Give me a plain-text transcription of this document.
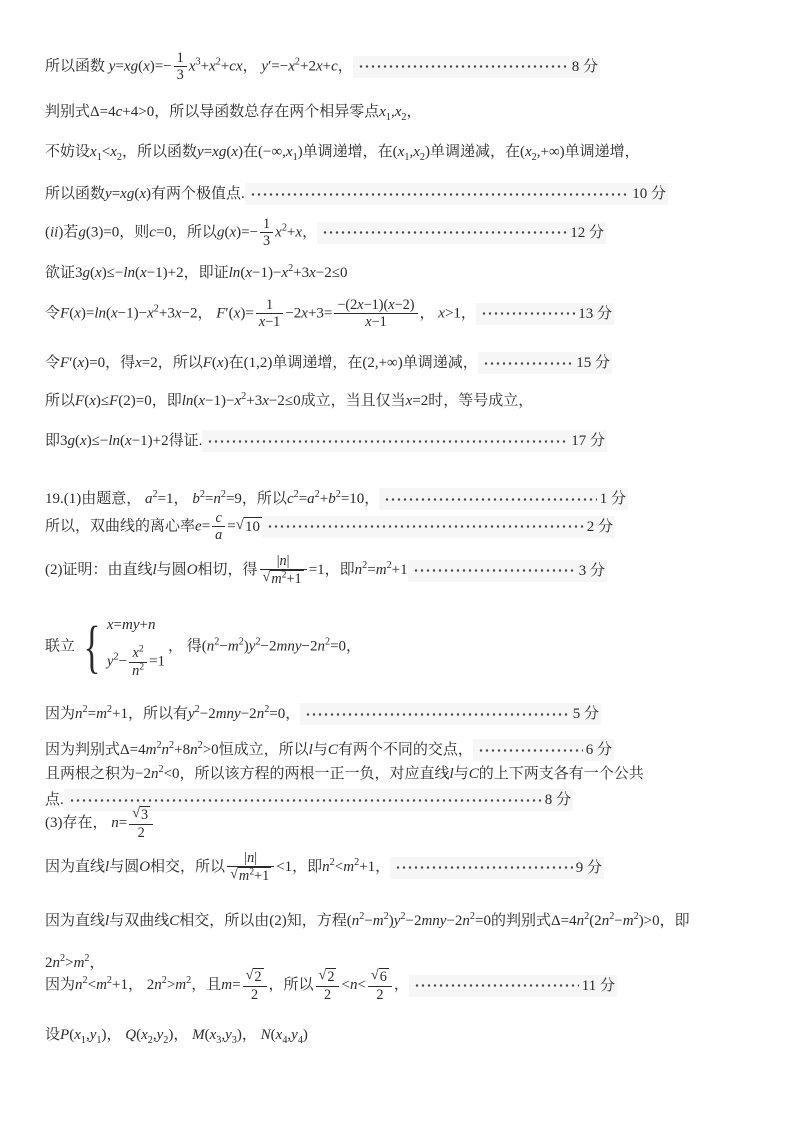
所以函数 $y=xg(x)=- \frac{1}{3} x^3+x^2+cx$， $y'=-x^2+2x+c$，	8 分
判别式Δ=4c+4>0，所以导函数总存在两个相异零点$x_1,x_2$，
不妨设$x_1<x_2$，所以函数y=xg(x)在$(-\infty,x_1)$单调递增，在$(x_1,x_2)$单调递减，在$(x_2,+\infty)$单调递增，
所以函数y=xg(x)有两个极值点.	10 分
(ii)若g(3)=0，则c=0，所以$g(x)=- \frac{1}{3} x^2+x$，	12 分
欲证3g(x)≤−ln(x−1)+2，即证$\ln(x-1)-x^2+3x-2\le 0$
令$F(x)=\ln(x-1)-x^2+3x-2$， $F'(x)= \frac{1}{x-1} -2x+3= \frac{-(2x-1)(x-2)}{x-1}$ ， x>1，	13 分
令F′(x)=0，得x=2，所以F(x)在(1,2)单调递增，在(2,+∞)单调递减，	15 分
所以F(x)≤F(2)=0，即$\ln(x-1)-x^2+3x-2\le 0$成立，当且仅当x=2时，等号成立，
即3g(x)≤−ln(x−1)+2得证.	17 分
19.(1)由题意， $a^2=1$， $b^2=n^2=9$，所以$c^2=a^2+b^2=10$，	1 分
所以，双曲线的离心率$e= \frac{c}{a}$ = √ 10	2 分
(2)证明：由直线l与圆O相切，得 $\frac{|n|}{√ m^2+1} =1$，即$n^2=m^2+1$	3 分
联立 { x=my+n
$y^2- \frac{x^2}{n^2} =1$
， 得$(n^2-m^2)y^2-2mny-2n^2=0$，
因为$n^2=m^2+1$，所以有$y^2-2mny-2n^2=0$，	5 分
因为判别式$\Delta=4m^2n^2+8n^2>0$恒成立，所以l与C有两个不同的交点，	6 分
且两根之积为$-2n^2<0$，所以该方程的两根一正一负，对应直线l与C的上下两支各有一个公共
点.	8 分
(3)存在， $n= \frac{√ 3}{2}$
因为直线l与圆O相交，所以 $\frac{|n|}{√ m^2+1} <1$，即$n^2<m^2+1$，	9 分
因为直线l与双曲线C相交，所以由(2)知，方程$(n^2-m^2)y^2-2mny-2n^2=0$的判别式$\Delta=4n^2(2n^2-m^2)>0$，即
$2n^2>m^2$，
因为$n^2<m^2+1$， $2n^2>m^2$，且$m= \frac{√ 2}{2}$ ，所以 $\frac{√ 2}{2} <n< \frac{√ 6}{2}$ ，	11 分
设$P(x_1,y_1)$， $Q(x_2,y_2)$， $M(x_3,y_3)$， $N(x_4,y_4)$
